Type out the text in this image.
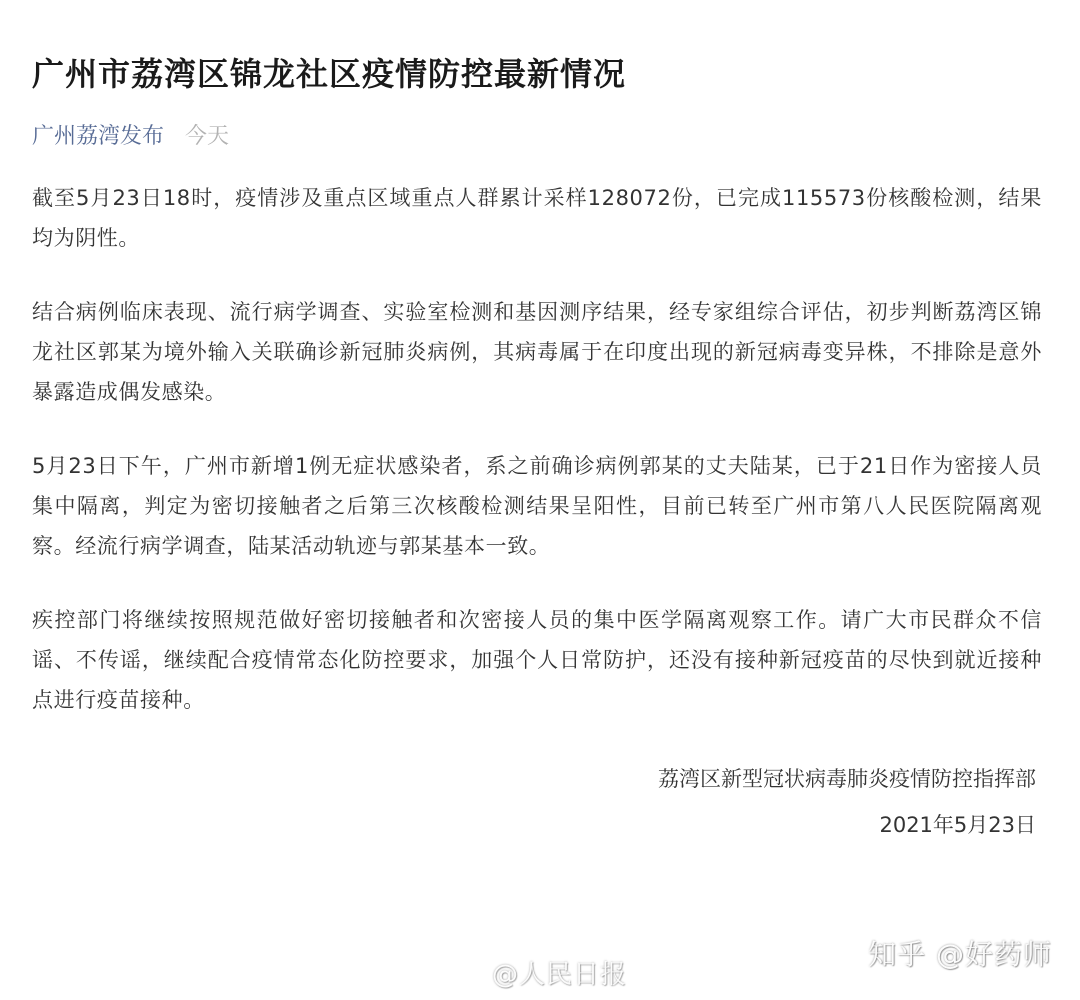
广州市荔湾区锦龙社区疫情防控最新情况
广州荔湾发布 今天

截至5月23日18时，疫情涉及重点区域重点人群累计采样128072份，已完成115573份核酸检测，结果均为阴性。

结合病例临床表现、流行病学调查、实验室检测和基因测序结果，经专家组综合评估，初步判断荔湾区锦龙社区郭某为境外输入关联确诊新冠肺炎病例，其病毒属于在印度出现的新冠病毒变异株，不排除是意外暴露造成偶发感染。

5月23日下午，广州市新增1例无症状感染者，系之前确诊病例郭某的丈夫陆某，已于21日作为密接人员集中隔离，判定为密切接触者之后第三次核酸检测结果呈阳性，目前已转至广州市第八人民医院隔离观察。经流行病学调查，陆某活动轨迹与郭某基本一致。

疾控部门将继续按照规范做好密切接触者和次密接人员的集中医学隔离观察工作。请广大市民群众不信谣、不传谣，继续配合疫情常态化防控要求，加强个人日常防护，还没有接种新冠疫苗的尽快到就近接种点进行疫苗接种。

荔湾区新型冠状病毒肺炎疫情防控指挥部
2021年5月23日
@人民日报
知乎 @好药师
